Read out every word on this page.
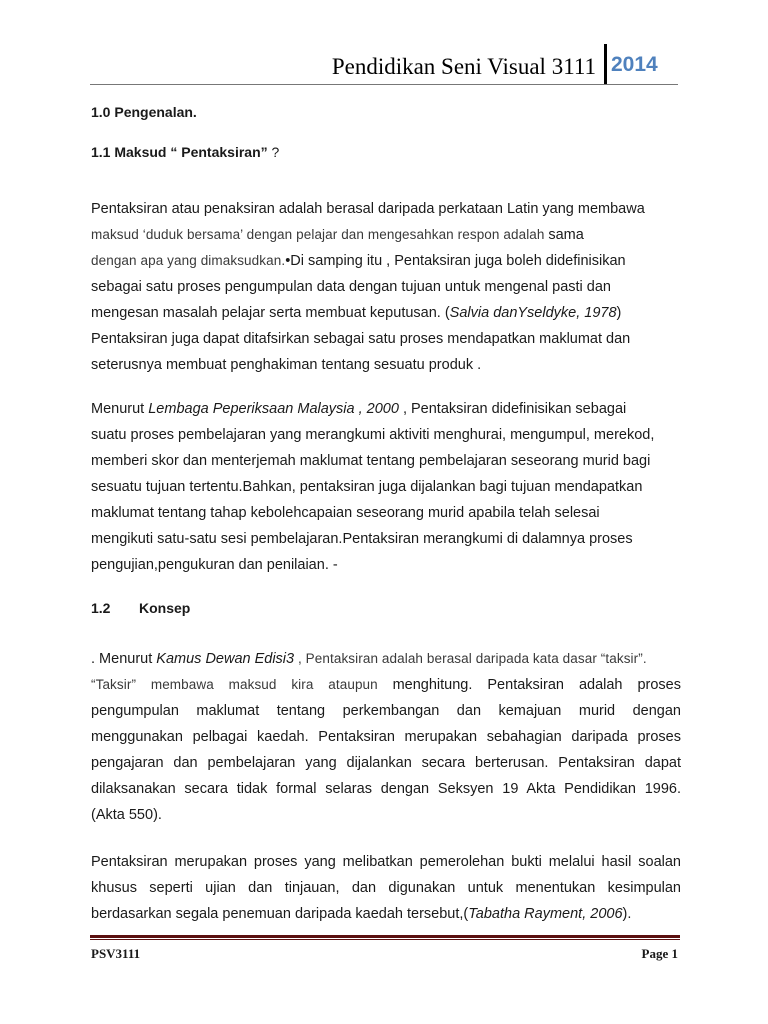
Pendidikan Seni Visual 3111 2014
1.0 Pengenalan.
1.1 Maksud “ Pentaksiran” ?
Pentaksiran atau penaksiran adalah berasal daripada perkataan Latin yang membawa
maksud ‘duduk bersama’ dengan pelajar dan mengesahkan respon adalah sama
dengan apa yang dimaksudkan.•Di samping itu , Pentaksiran juga boleh didefinisikan
sebagai satu proses pengumpulan data dengan tujuan untuk mengenal pasti dan
mengesan masalah pelajar serta membuat keputusan. (Salvia danYseldyke, 1978)
Pentaksiran juga dapat ditafsirkan sebagai satu proses mendapatkan maklumat dan
seterusnya membuat penghakiman tentang sesuatu produk .
Menurut Lembaga Peperiksaan Malaysia , 2000 , Pentaksiran didefinisikan sebagai
suatu proses pembelajaran yang merangkumi aktiviti menghurai, mengumpul, merekod,
memberi skor dan menterjemah maklumat tentang pembelajaran seseorang murid bagi
sesuatu tujuan tertentu.Bahkan, pentaksiran juga dijalankan bagi tujuan mendapatkan
maklumat tentang tahap kebolehcapaian seseorang murid apabila telah selesai
mengikuti satu-satu sesi pembelajaran.Pentaksiran merangkumi di dalamnya proses
pengujian,pengukuran dan penilaian. -
1.2 Konsep
. Menurut Kamus Dewan Edisi3 , Pentaksiran adalah berasal daripada kata dasar “taksir”.
“Taksir” membawa maksud kira ataupun menghitung. Pentaksiran adalah proses
pengumpulan maklumat tentang perkembangan dan kemajuan murid dengan
menggunakan pelbagai kaedah. Pentaksiran merupakan sebahagian daripada proses
pengajaran dan pembelajaran yang dijalankan secara berterusan. Pentaksiran dapat
dilaksanakan secara tidak formal selaras dengan Seksyen 19 Akta Pendidikan 1996.
(Akta 550).
Pentaksiran merupakan proses yang melibatkan pemerolehan bukti melalui hasil soalan
khusus seperti ujian dan tinjauan, dan digunakan untuk menentukan kesimpulan
berdasarkan segala penemuan daripada kaedah tersebut,(Tabatha Rayment, 2006).
PSV3111	Page 1
